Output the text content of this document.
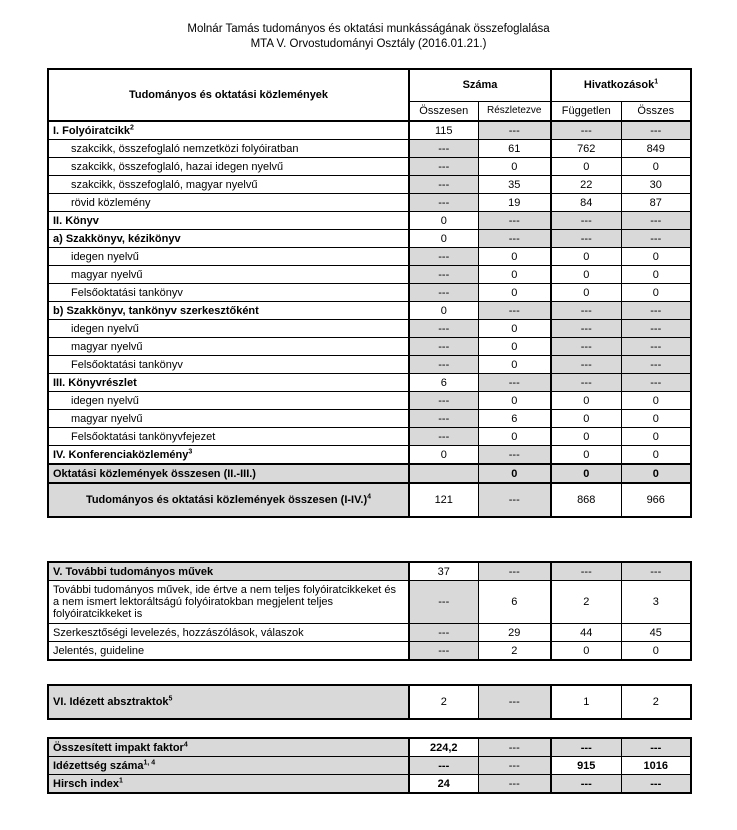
Molnár Tamás tudományos és oktatási munkásságának összefoglalása
MTA V. Orvostudományi Osztály (2016.01.21.)
Tudományos és oktatási közlemények	Száma		Hivatkozások$^1$
	Összesen	Részletezve	Független	Összes
I. Folyóiratcikk$^2$	115	---	---	---
szakcikk, összefoglaló nemzetközi folyóiratban	---	61	762	849
szakcikk, összefoglaló, hazai idegen nyelvű	---	0	0	0
szakcikk, összefoglaló, magyar nyelvű	---	35	22	30
rövid közlemény	---	19	84	87
II. Könyv	0	---	---	---
a) Szakkönyv, kézikönyv	0	---	---	---
idegen nyelvű	---	0	0	0
magyar nyelvű	---	0	0	0
Felsőoktatási tankönyv	---	0	0	0
b) Szakkönyv, tankönyv szerkesztőként	0	---	---	---
idegen nyelvű	---	0	---	---
magyar nyelvű	---	0	---	---
Felsőoktatási tankönyv	---	0	---	---
III. Könyvrészlet	6	---	---	---
idegen nyelvű	---	0	0	0
magyar nyelvű	---	6	0	0
Felsőoktatási tankönyvfejezet	---	0	0	0
IV. Konferenciaközlemény$^3$	0	---	0	0
Oktatási közlemények összesen (II.-III.)		0	0	0
Tudományos és oktatási közlemények összesen $(I-IV.)^4$	121	---	868	966
V. További tudományos művek	37	---	---	---
További tudományos művek, ide értve a nem teljes folyóiratcikkeket és a nem ismert lektoráltságú folyóiratokban megjelent teljes folyóiratcikkeket is	---	6	2	3
Szerkesztőségi levelezés, hozzászólások, válaszok	---	29	44	45
Jelentés, guideline	---	2	0	0
VI. Idézett absztraktok$^5$	2	---	1	2
Összesített impakt faktor$^4$	224,2	---	---	---
Idézettség száma$^{1, 4}$	---	---	915	1016
Hirsch index$^1$	24	---	---	---
